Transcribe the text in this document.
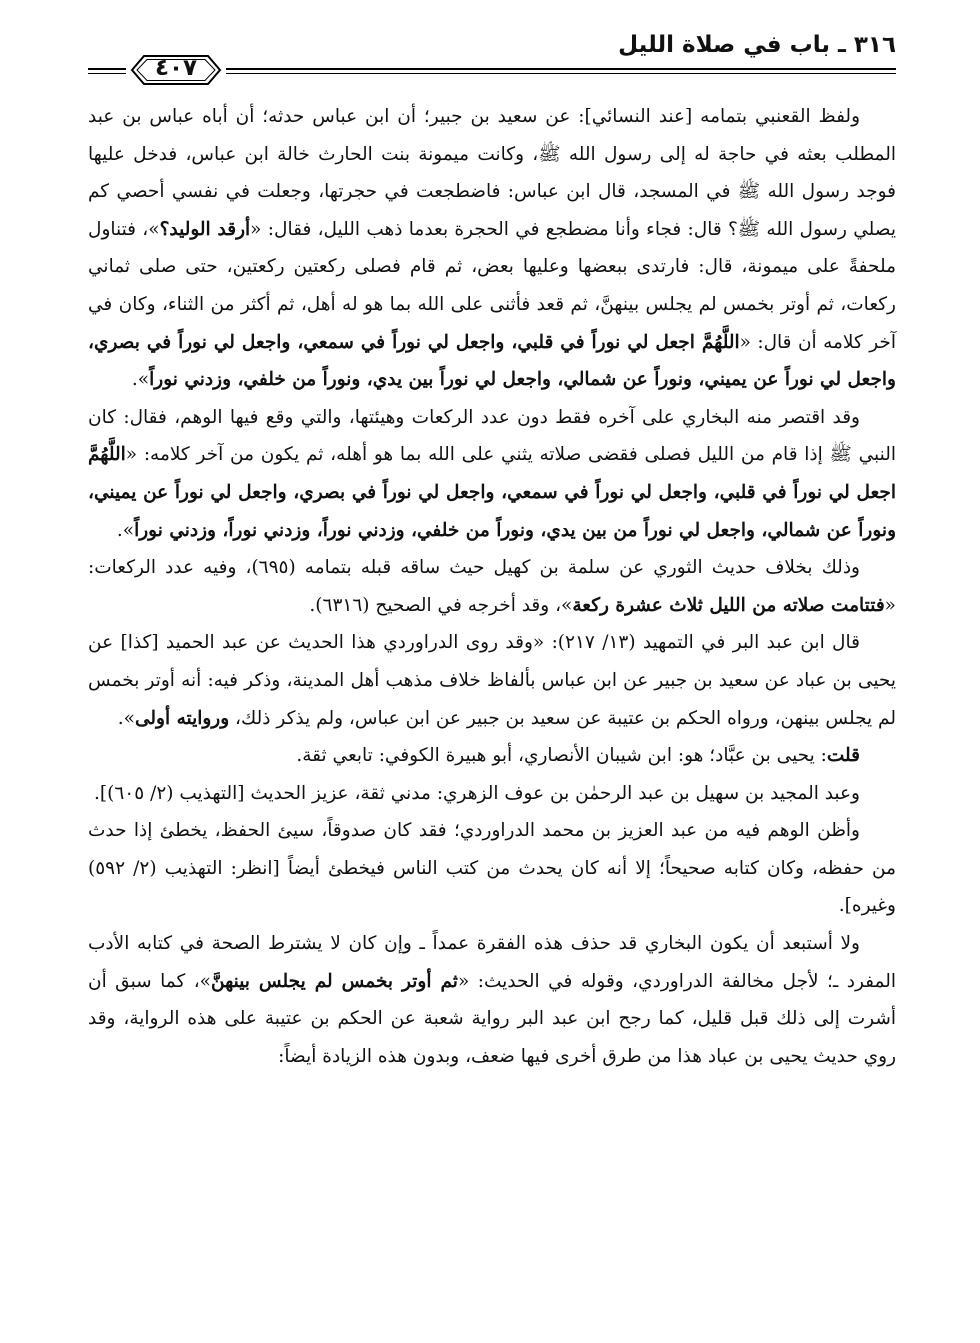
٣١٦ ـ باب في صلاة الليل
٤٠٧

ولفظ القعنبي بتمامه [عند النسائي]: عن سعيد بن جبير؛ أن ابن عباس حدثه؛ أن أباه عباس بن عبد المطلب بعثه في حاجة له إلى رسول الله ﷺ، وكانت ميمونة بنت الحارث خالة ابن عباس، فدخل عليها فوجد رسول الله ﷺ في المسجد، قال ابن عباس: فاضطجعت في حجرتها، وجعلت في نفسي أحصي كم يصلي رسول الله ﷺ؟ قال: فجاء وأنا مضطجع في الحجرة بعدما ذهب الليل، فقال: «أرقد الوليد؟»، فتناول ملحفةً على ميمونة، قال: فارتدى ببعضها وعليها بعض، ثم قام فصلى ركعتين ركعتين، حتى صلى ثماني ركعات، ثم أوتر بخمس لم يجلس بينهنَّ، ثم قعد فأثنى على الله بما هو له أهل، ثم أكثر من الثناء، وكان في آخر كلامه أن قال: «اللَّهُمَّ اجعل لي نوراً في قلبي، واجعل لي نوراً في سمعي، واجعل لي نوراً في بصري، واجعل لي نوراً عن يميني، ونوراً عن شمالي، واجعل لي نوراً بين يدي، ونوراً من خلفي، وزدني نوراً».

وقد اقتصر منه البخاري على آخره فقط دون عدد الركعات وهيئتها، والتي وقع فيها الوهم، فقال: كان النبي ﷺ إذا قام من الليل فصلى فقضى صلاته يثني على الله بما هو أهله، ثم يكون من آخر كلامه: «اللَّهُمَّ اجعل لي نوراً في قلبي، واجعل لي نوراً في سمعي، واجعل لي نوراً في بصري، واجعل لي نوراً عن يميني، ونوراً عن شمالي، واجعل لي نوراً من بين يدي، ونوراً من خلفي، وزدني نوراً، وزدني نوراً، وزدني نوراً».

وذلك بخلاف حديث الثوري عن سلمة بن كهيل حيث ساقه قبله بتمامه (٦٩٥)، وفيه عدد الركعات: «فتتامت صلاته من الليل ثلاث عشرة ركعة»، وقد أخرجه في الصحيح (٦٣١٦).

قال ابن عبد البر في التمهيد (١٣/ ٢١٧): «وقد روى الدراوردي هذا الحديث عن عبد الحميد [كذا] عن يحيى بن عباد عن سعيد بن جبير عن ابن عباس بألفاظ خلاف مذهب أهل المدينة، وذكر فيه: أنه أوتر بخمس لم يجلس بينهن، ورواه الحكم بن عتيبة عن سعيد بن جبير عن ابن عباس، ولم يذكر ذلك، وروايته أولى».

قلت: يحيى بن عبَّاد؛ هو: ابن شيبان الأنصاري، أبو هبيرة الكوفي: تابعي ثقة.

وعبد المجيد بن سهيل بن عبد الرحمٰن بن عوف الزهري: مدني ثقة، عزيز الحديث [التهذيب (٢/ ٦٠٥)].

وأظن الوهم فيه من عبد العزيز بن محمد الدراوردي؛ فقد كان صدوقاً، سيئ الحفظ، يخطئ إذا حدث من حفظه، وكان كتابه صحيحاً؛ إلا أنه كان يحدث من كتب الناس فيخطئ أيضاً [انظر: التهذيب (٢/ ٥٩٢) وغيره].

ولا أستبعد أن يكون البخاري قد حذف هذه الفقرة عمداً ـ وإن كان لا يشترط الصحة في كتابه الأدب المفرد ـ؛ لأجل مخالفة الدراوردي، وقوله في الحديث: «ثم أوتر بخمس لم يجلس بينهنَّ»، كما سبق أن أشرت إلى ذلك قبل قليل، كما رجح ابن عبد البر رواية شعبة عن الحكم بن عتيبة على هذه الرواية، وقد روي حديث يحيى بن عباد هذا من طرق أخرى فيها ضعف، وبدون هذه الزيادة أيضاً:
